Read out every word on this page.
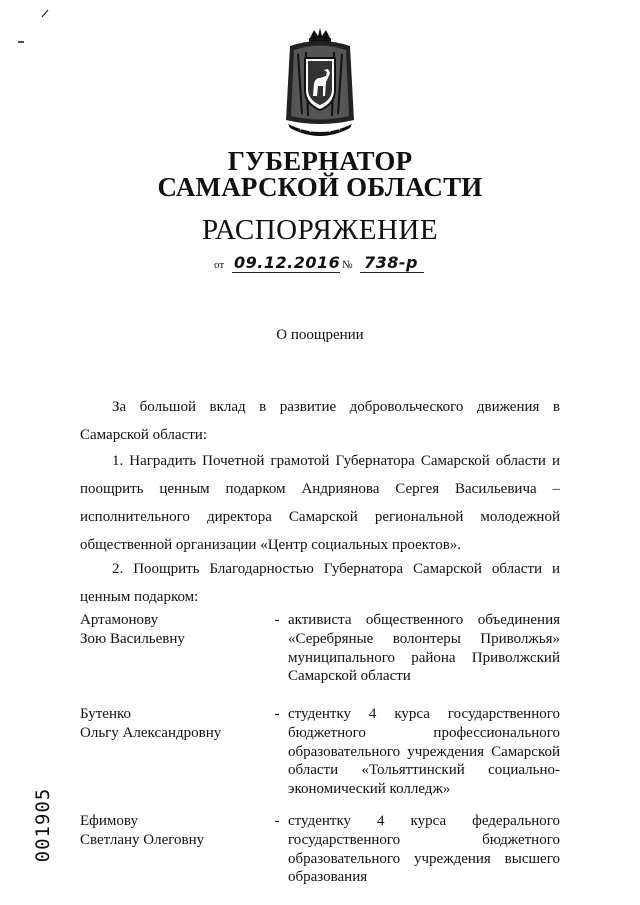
ГУБЕРНАТОР
САМАРСКОЙ ОБЛАСТИ
РАСПОРЯЖЕНИЕ
от 09.12.2016 № 738-р
О поощрении
За большой вклад в развитие добровольческого движения в Самарской области:
1. Наградить Почетной грамотой Губернатора Самарской области и поощрить ценным подарком Андриянова Сергея Васильевича – исполнительного директора Самарской региональной молодежной общественной организации «Центр социальных проектов».
2. Поощрить Благодарностью Губернатора Самарской области и ценным подарком:
Артамонову
Зою Васильевну
- активиста общественного объединения «Серебряные волонтеры Приволжья» муниципального района Приволжский Самарской области
Бутенко
Ольгу Александровну
- студентку 4 курса государственного бюджетного профессионального образовательного учреждения Самарской области «Тольяттинский социально-экономический колледж»
Ефимову
Светлану Олеговну
- студентку 4 курса федерального государственного бюджетного образовательного учреждения высшего образования
001905
